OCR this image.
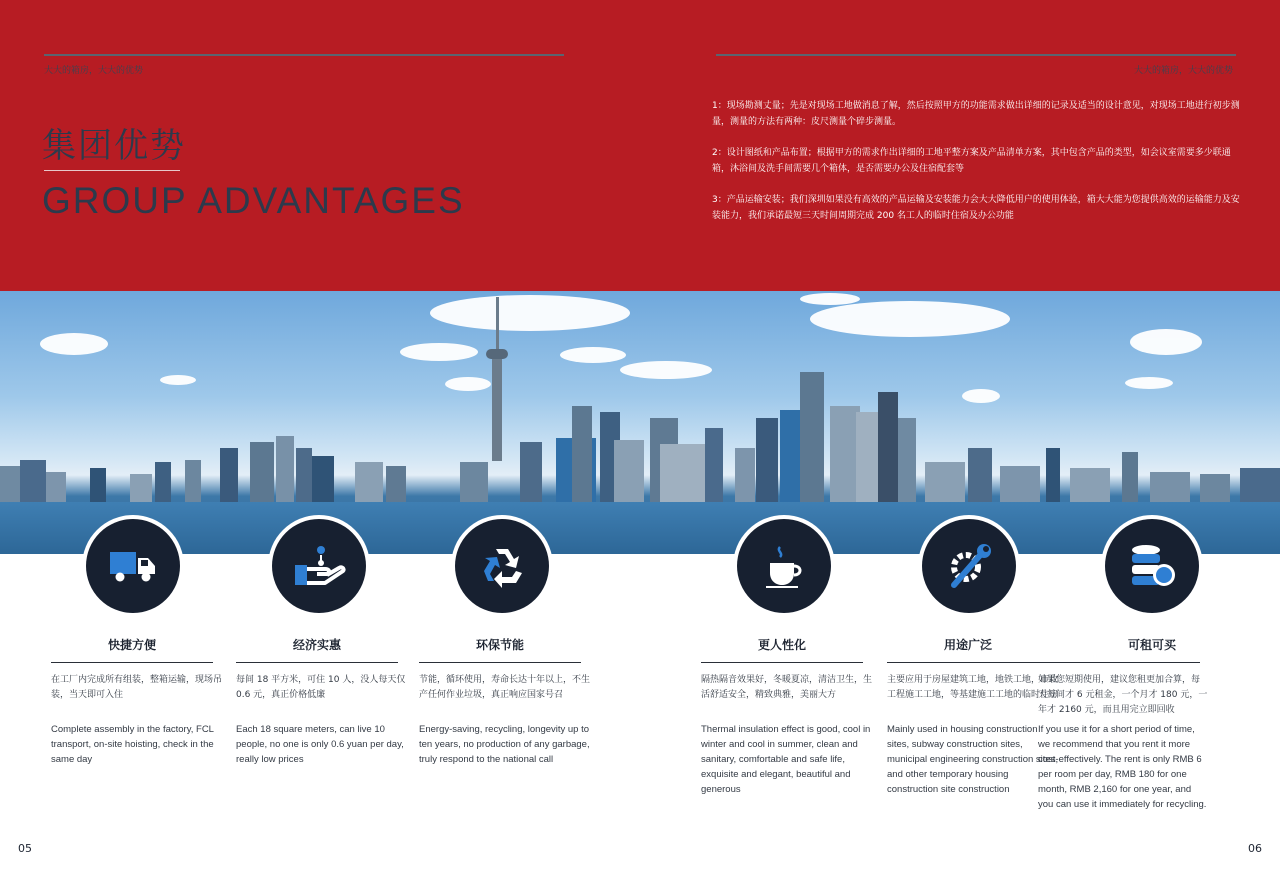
大大的箱房，大大的优势	大大的箱房，大大的优势
集团优势
GROUP ADVANTAGES

1：现场勘测丈量；先是对现场工地做消息了解，然后按照甲方的功能需求做出详细的记录及适当的设计意见，对现场工地进行初步测量，测量的方法有两种：皮尺测量个碎步测量。

2：设计图纸和产品布置；根据甲方的需求作出详细的工地平整方案及产品清单方案，其中包含产品的类型，如会议室需要多少联通箱，沐浴间及洗手间需要几个箱体，是否需要办公及住宿配套等

3：产品运输安装；我们深圳如果没有高效的产品运输及安装能力会大大降低用户的使用体验，箱大大能为您提供高效的运输能力及安装能力，我们承诺最短三天时间周期完成 200 名工人的临时住宿及办公功能

快捷方便
在工厂内完成所有组装，整箱运输，现场吊装，当天即可入住
Complete assembly in the factory, FCL transport, on-site hoisting, check in the same day
经济实惠
每间 18 平方米，可住 10 人，没人每天仅 0.6 元，真正价格低廉
Each 18 square meters, can live 10 people, no one is only 0.6 yuan per day, really low prices
环保节能
节能，循环使用，寿命长达十年以上，不生产任何作业垃圾，真正响应国家号召
Energy-saving, recycling, longevity up to ten years, no production of any garbage, truly respond to the national call
更人性化
隔热隔音效果好，冬暖夏凉，清洁卫生，生活舒适安全，精致典雅，美丽大方
Thermal insulation effect is good, cool in winter and cool in summer, clean and sanitary, comfortable and safe life, exquisite and elegant, beautiful and generous
用途广泛
主要应用于房屋建筑工地，地铁工地，市政工程施工工地，等基建施工工地的临时住房
Mainly used in housing construction sites, subway construction sites, municipal engineering construction sites, and other temporary housing construction site construction
可租可买
如果您短期使用，建议您租更加合算，每天每间才 6 元租金，一个月才 180 元，一年才 2160 元，而且用完立即回收
If you use it for a short period of time, we recommend that you rent it more cost-effectively. The rent is only RMB 6 per room per day, RMB 180 for one month, RMB 2,160 for one year, and you can use it immediately for recycling.
05	06
